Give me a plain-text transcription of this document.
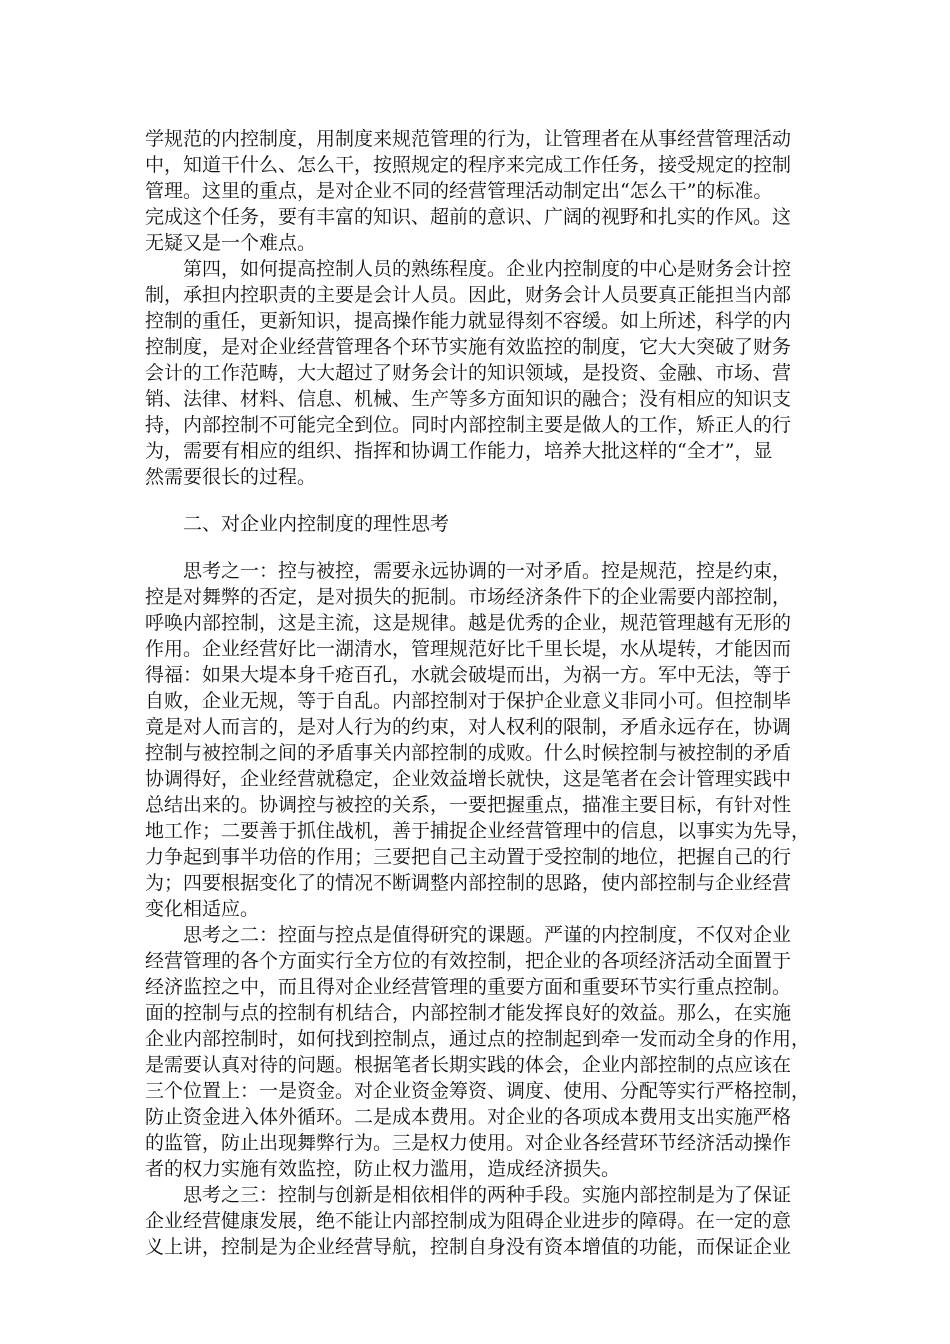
学规范的内控制度，用制度来规范管理的行为，让管理者在从事经营管理活动
中，知道干什么、怎么干，按照规定的程序来完成工作任务，接受规定的控制
管理。这里的重点，是对企业不同的经营管理活动制定出“怎么干”的标准。
完成这个任务，要有丰富的知识、超前的意识、广阔的视野和扎实的作风。这
无疑又是一个难点。
　　第四，如何提高控制人员的熟练程度。企业内控制度的中心是财务会计控
制，承担内控职责的主要是会计人员。因此，财务会计人员要真正能担当内部
控制的重任，更新知识，提高操作能力就显得刻不容缓。如上所述，科学的内
控制度，是对企业经营管理各个环节实施有效监控的制度，它大大突破了财务
会计的工作范畴，大大超过了财务会计的知识领域，是投资、金融、市场、营
销、法律、材料、信息、机械、生产等多方面知识的融合；没有相应的知识支
持，内部控制不可能完全到位。同时内部控制主要是做人的工作，矫正人的行
为，需要有相应的组织、指挥和协调工作能力，培养大批这样的“全才”，显
然需要很长的过程。
　　二、对企业内控制度的理性思考
　　思考之一：控与被控，需要永远协调的一对矛盾。控是规范，控是约束，
控是对舞弊的否定，是对损失的扼制。市场经济条件下的企业需要内部控制，
呼唤内部控制，这是主流，这是规律。越是优秀的企业，规范管理越有无形的
作用。企业经营好比一湖清水，管理规范好比千里长堤，水从堤转，才能因而
得福：如果大堤本身千疮百孔，水就会破堤而出，为祸一方。军中无法，等于
自败，企业无规，等于自乱。内部控制对于保护企业意义非同小可。但控制毕
竟是对人而言的，是对人行为的约束，对人权利的限制，矛盾永远存在，协调
控制与被控制之间的矛盾事关内部控制的成败。什么时候控制与被控制的矛盾
协调得好，企业经营就稳定，企业效益增长就快，这是笔者在会计管理实践中
总结出来的。协调控与被控的关系，一要把握重点，描准主要目标，有针对性
地工作；二要善于抓住战机，善于捕捉企业经营管理中的信息，以事实为先导，
力争起到事半功倍的作用；三要把自己主动置于受控制的地位，把握自己的行
为；四要根据变化了的情况不断调整内部控制的思路，使内部控制与企业经营
变化相适应。
　　思考之二：控面与控点是值得研究的课题。严谨的内控制度，不仅对企业
经营管理的各个方面实行全方位的有效控制，把企业的各项经济活动全面置于
经济监控之中，而且得对企业经营管理的重要方面和重要环节实行重点控制。
面的控制与点的控制有机结合，内部控制才能发挥良好的效益。那么，在实施
企业内部控制时，如何找到控制点，通过点的控制起到牵一发而动全身的作用，
是需要认真对待的问题。根据笔者长期实践的体会，企业内部控制的点应该在
三个位置上：一是资金。对企业资金筹资、调度、使用、分配等实行严格控制，
防止资金进入体外循环。二是成本费用。对企业的各项成本费用支出实施严格
的监管，防止出现舞弊行为。三是权力使用。对企业各经营环节经济活动操作
者的权力实施有效监控，防止权力滥用，造成经济损失。
　　思考之三：控制与创新是相依相伴的两种手段。实施内部控制是为了保证
企业经营健康发展，绝不能让内部控制成为阻碍企业进步的障碍。在一定的意
义上讲，控制是为企业经营导航，控制自身没有资本增值的功能，而保证企业
